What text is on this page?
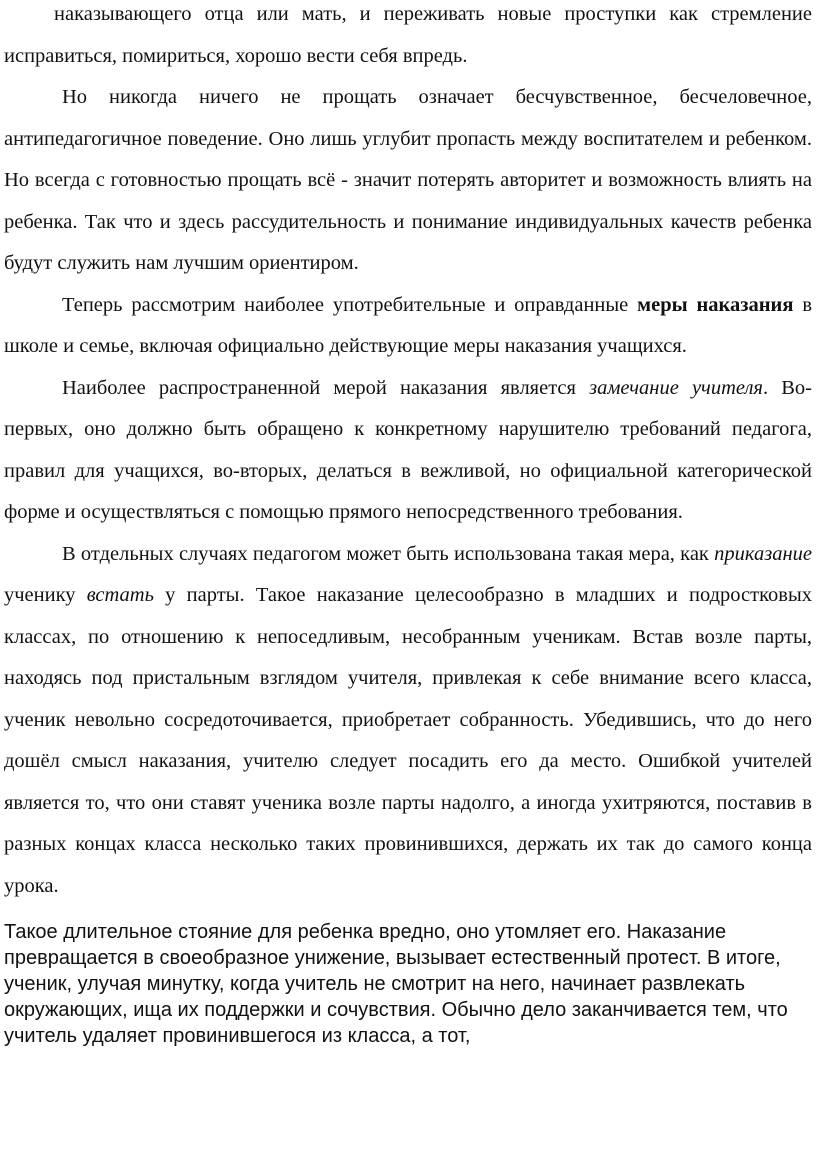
наказывающего отца или мать, и переживать новые проступки как стремление исправиться, помириться, хорошо вести себя впредь.

Но никогда ничего не прощать означает бесчувственное, бесчеловечное, антипедагогичное поведение. Оно лишь углубит пропасть между воспитателем и ребенком. Но всегда с готовностью прощать всё - значит потерять авторитет и возможность влиять на ребенка. Так что и здесь рассудительность и понимание индивидуальных качеств ребенка будут служить нам лучшим ориентиром.

Теперь рассмотрим наиболее употребительные и оправданные меры наказания в школе и семье, включая официально действующие меры наказания учащихся.

Наиболее распространенной мерой наказания является замечание учителя. Во-первых, оно должно быть обращено к конкретному нарушителю требований педагога, правил для учащихся, во-вторых, делаться в вежливой, но официальной категорической форме и осуществляться с помощью прямого непосредственного требования.

В отдельных случаях педагогом может быть использована такая мера, как приказание ученику встать у парты. Такое наказание целесообразно в младших и подростковых классах, по отношению к непоседливым, несобранным ученикам. Встав возле парты, находясь под пристальным взглядом учителя, привлекая к себе внимание всего класса, ученик невольно сосредоточивается, приобретает собранность. Убедившись, что до него дошёл смысл наказания, учителю следует посадить его да место. Ошибкой учителей является то, что они ставят ученика возле парты надолго, а иногда ухитряются, поставив в разных концах класса несколько таких провинившихся, держать их так до самого конца урока.

Такое длительное стояние для ребенка вредно, оно утомляет его. Наказание превращается в своеобразное унижение, вызывает естественный протест. В итоге, ученик, улучая минутку, когда учитель не смотрит на него, начинает развлекать окружающих, ища их поддержки и сочувствия. Обычно дело заканчивается тем, что учитель удаляет провинившегося из класса, а тот,
